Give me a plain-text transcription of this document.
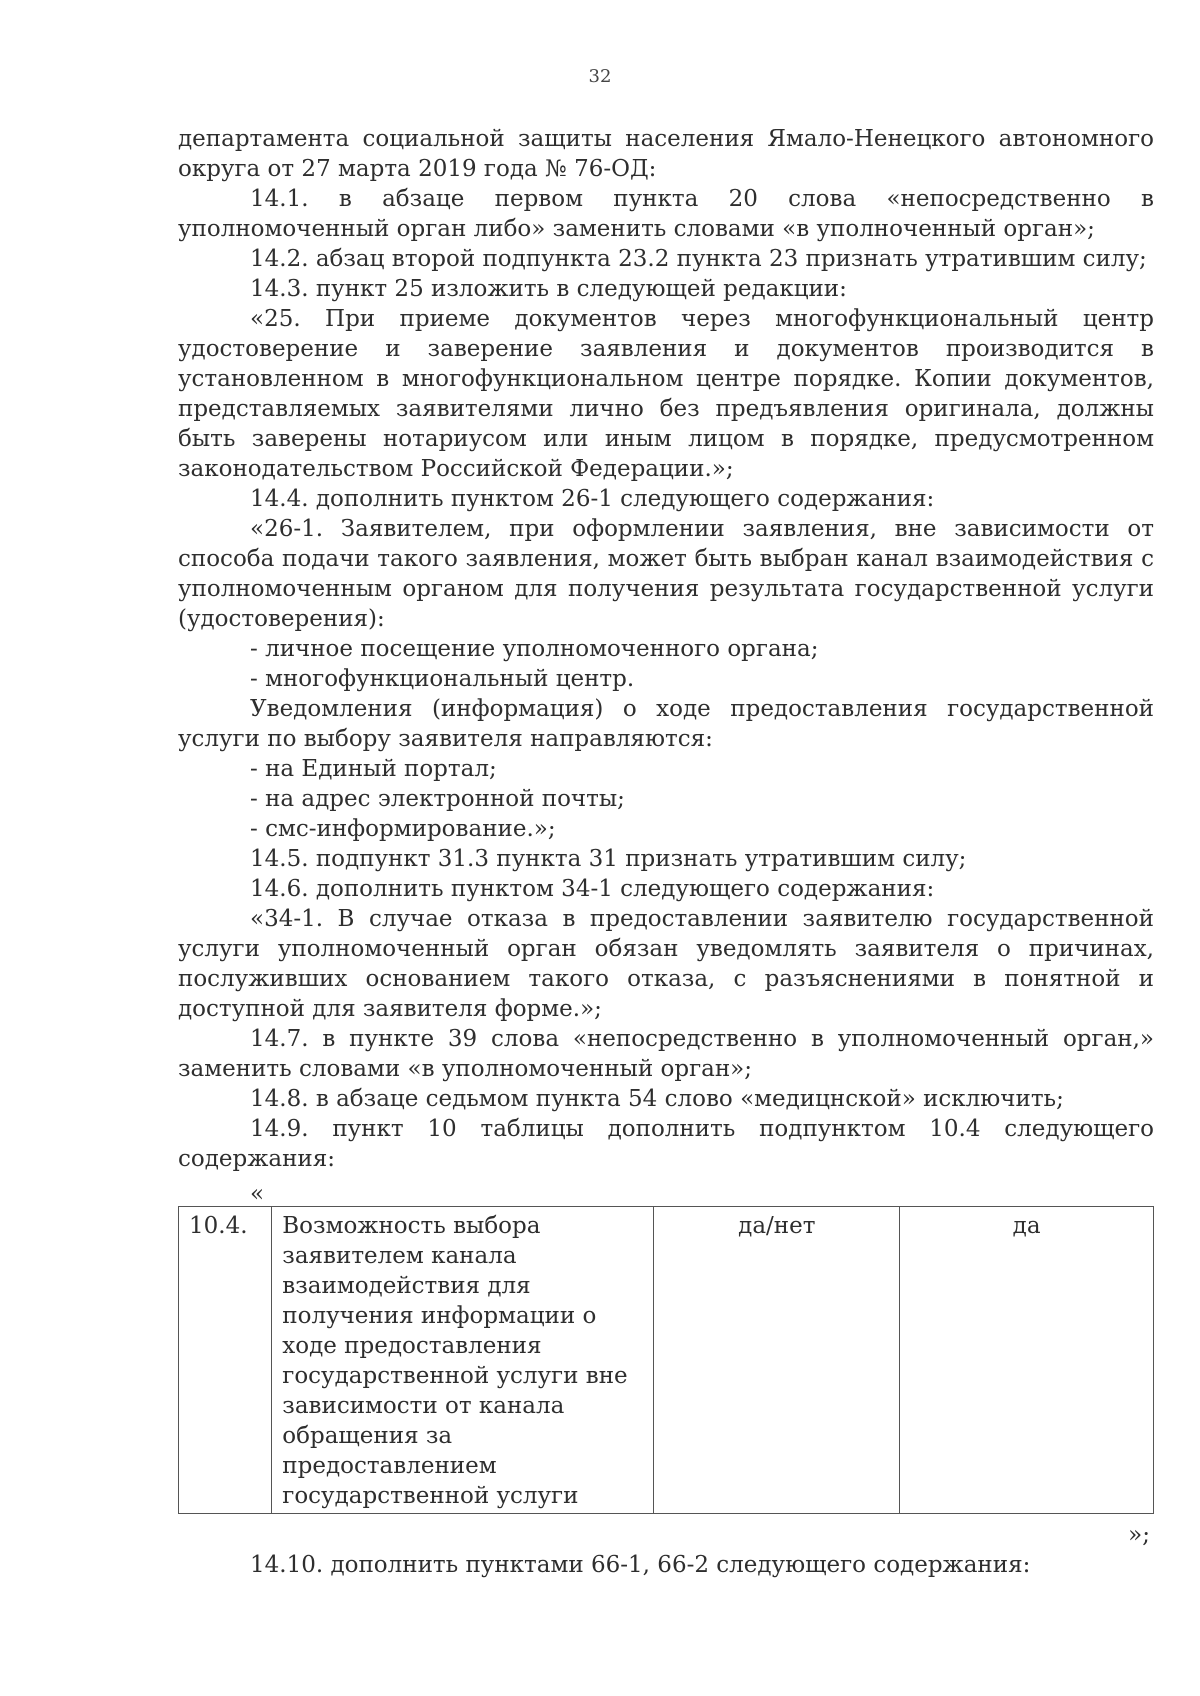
32

департамента социальной защиты населения Ямало-Ненецкого автономного округа от 27 марта 2019 года № 76-ОД:

14.1. в абзаце первом пункта 20 слова «непосредственно в уполномоченный орган либо» заменить словами «в уполноченный орган»;

14.2. абзац второй подпункта 23.2 пункта 23 признать утратившим силу;

14.3. пункт 25 изложить в следующей редакции:

«25. При приеме документов через многофункциональный центр удостоверение и заверение заявления и документов производится в установленном в многофункциональном центре порядке. Копии документов, представляемых заявителями лично без предъявления оригинала, должны быть заверены нотариусом или иным лицом в порядке, предусмотренном законодательством Российской Федерации.»;

14.4. дополнить пунктом 26-1 следующего содержания:

«26-1. Заявителем, при оформлении заявления, вне зависимости от способа подачи такого заявления, может быть выбран канал взаимодействия с уполномоченным органом для получения результата государственной услуги (удостоверения):

- личное посещение уполномоченного органа;

- многофункциональный центр.

Уведомления (информация) о ходе предоставления государственной услуги по выбору заявителя направляются:

- на Единый портал;

- на адрес электронной почты;

- смс-информирование.»;

14.5. подпункт 31.3 пункта 31 признать утратившим силу;

14.6. дополнить пунктом 34-1 следующего содержания:

«34-1. В случае отказа в предоставлении заявителю государственной услуги уполномоченный орган обязан уведомлять заявителя о причинах, послуживших основанием такого отказа, с разъяснениями в понятной и доступной для заявителя форме.»;

14.7. в пункте 39 слова «непосредственно в уполномоченный орган,» заменить словами «в уполномоченный орган»;

14.8. в абзаце седьмом пункта 54 слово «медицнской» исключить;

14.9. пункт 10 таблицы дополнить подпунктом 10.4 следующего содержания:

«
10.4.	Возможность выбора заявителем канала взаимодействия для получения информации о ходе предоставления государственной услуги вне зависимости от канала обращения за предоставлением государственной услуги	да/нет	да
»;

14.10. дополнить пунктами 66-1, 66-2 следующего содержания:
